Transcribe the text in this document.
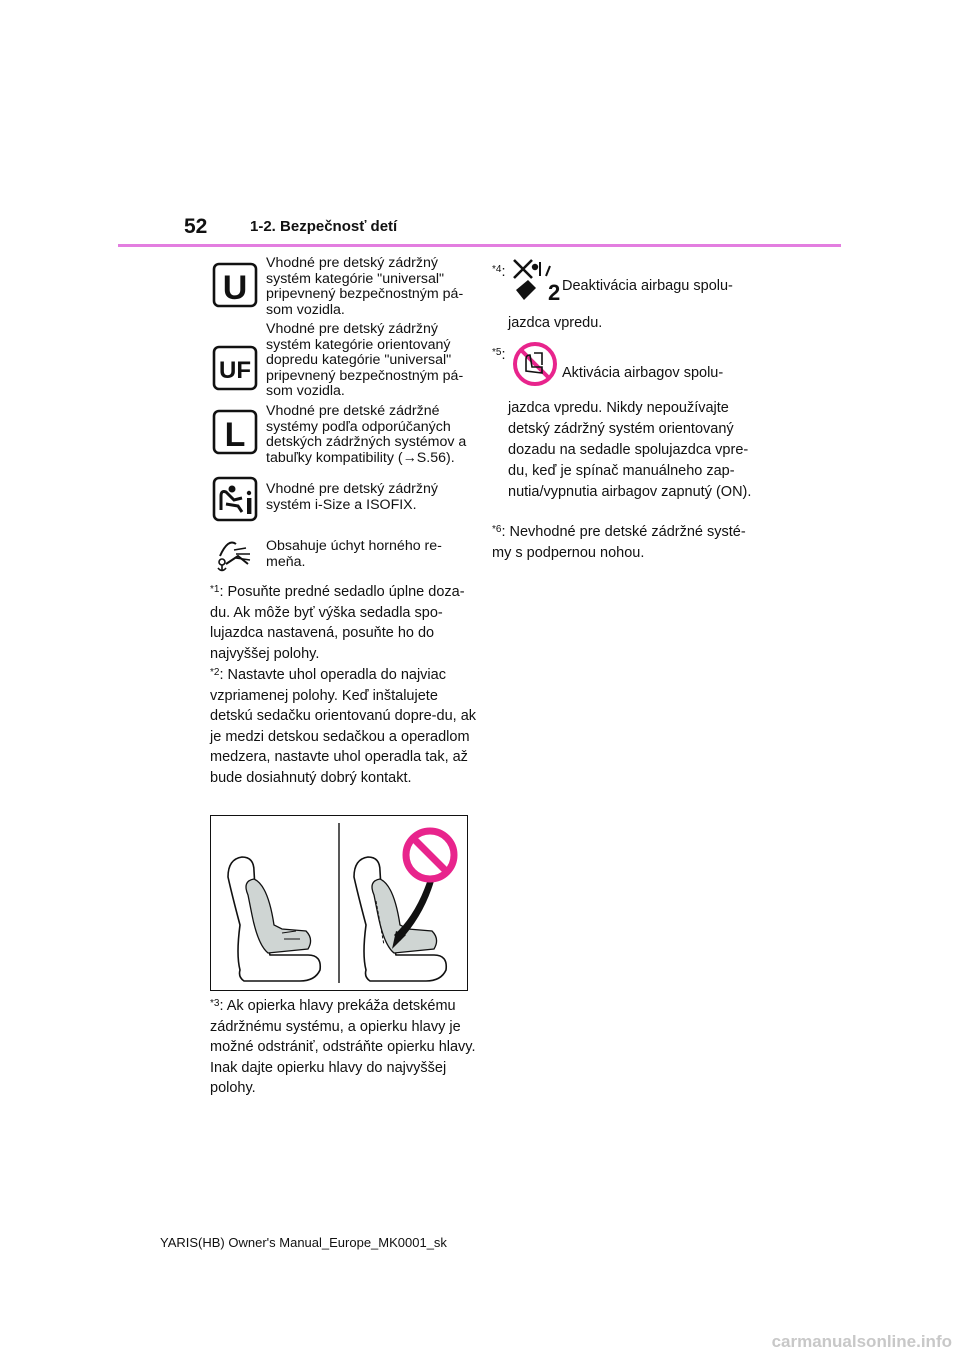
52	1-2. Bezpečnosť detí
U
Vhodné pre detský zádržný systém kategórie "universal" pripevnený bezpečnostným pá-som vozidla.
UF
Vhodné pre detský zádržný systém kategórie orientovaný dopredu kategórie "universal" pripevnený bezpečnostným pá-som vozidla.
L
Vhodné pre detské zádržné systémy podľa odporúčaných detských zádržných systémov a tabuľky kompatibility (→S.56).
Vhodné pre detský zádržný systém i-Size a ISOFIX.
Obsahuje úchyt horného re-meňa.
$^{*1}$: Posuňte predné sedadlo úplne doza-du. Ak môže byť výška sedadla spo-lujazdca nastavená, posuňte ho do najvyššej polohy.
$^{*2}$: Nastavte uhol operadla do najviac vzpriamenej polohy. Keď inštalujete detskú sedačku orientovanú dopre-du, ak je medzi detskou sedačkou a operadlom medzera, nastavte uhol operadla tak, až bude dosiahnutý dobrý kontakt.
$^{*3}$: Ak opierka hlavy prekáža detskému zádržnému systému, a opierku hlavy je možné odstrániť, odstráňte opierku hlavy.
Inak dajte opierku hlavy do najvyššej polohy.
$^{*4}$:
2 Deaktivácia airbagu spolu-
jazdca vpredu.
$^{*5}$:
Aktivácia airbagov spolu-
jazdca vpredu. Nikdy nepoužívajte detský zádržný systém orientovaný dozadu na sedadle spolujazdca vpre-du, keď je spínač manuálneho zap-nutia/vypnutia airbagov zapnutý (ON).
$^{*6}$: Nevhodné pre detské zádržné systé-my s podpernou nohou.
YARIS(HB) Owner's Manual_Europe_MK0001_sk
carmanualsonline.info
